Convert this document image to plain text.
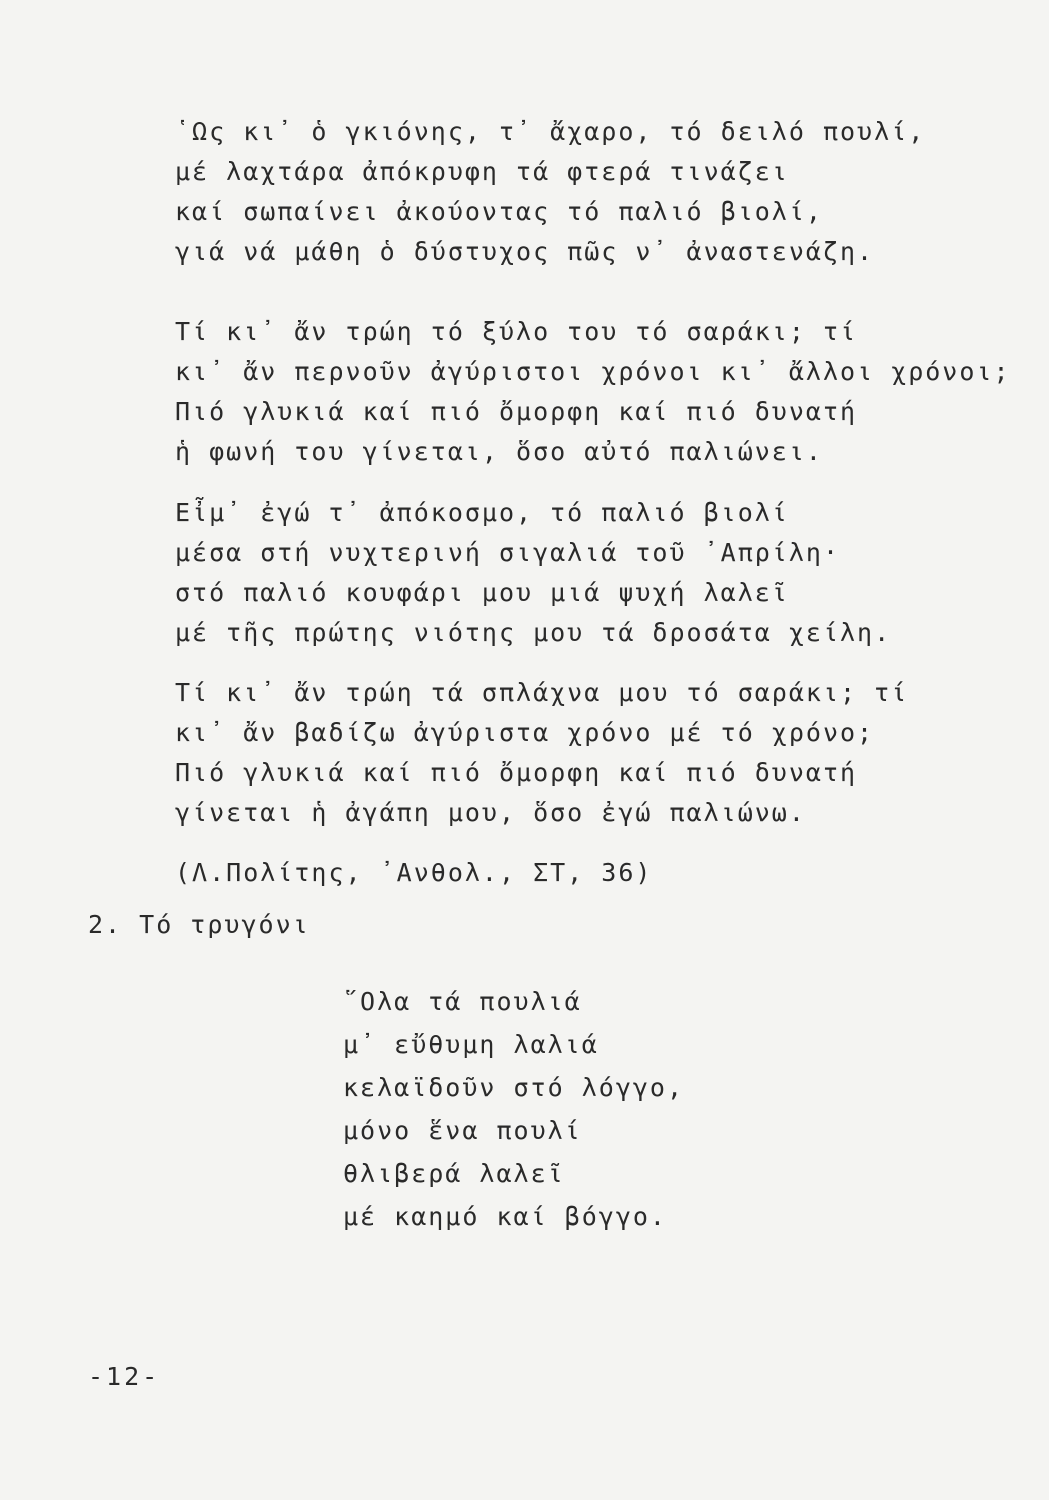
῾Ως κι᾿ ὁ γκιόνης, τ᾿ ἄχαρο, τό δειλό πουλί,
μέ λαχτάρα ἀπόκρυφη τά φτερά τινάζει
καί σωπαίνει ἀκούοντας τό παλιό βιολί,
γιά νά μάθη ὁ δύστυχος πῶς ν᾿ ἀναστενάζη.
Τί κι᾿ ἄν τρώη τό ξύλο του τό σαράκι; τί
κι᾿ ἄν περνοῦν ἀγύριστοι χρόνοι κι᾿ ἄλλοι χρόνοι;
Πιό γλυκιά καί πιό ὄμορφη καί πιό δυνατή
ἡ φωνή του γίνεται, ὅσο αὐτό παλιώνει.
Εἶμ᾿ ἐγώ τ᾿ ἀπόκοσμο, τό παλιό βιολί
μέσα στή νυχτερινή σιγαλιά τοῦ ᾿Απρίλη·
στό παλιό κουφάρι μου μιά ψυχή λαλεῖ
μέ τῆς πρώτης νιότης μου τά δροσάτα χείλη.
Τί κι᾿ ἄν τρώη τά σπλάχνα μου τό σαράκι; τί
κι᾿ ἄν βαδίζω ἀγύριστα χρόνο μέ τό χρόνο;
Πιό γλυκιά καί πιό ὄμορφη καί πιό δυνατή
γίνεται ἡ ἀγάπη μου, ὅσο ἐγώ παλιώνω.
(Λ.Πολίτης, ᾿Ανθολ., ΣΤ, 36)
2. Τό τρυγόνι
῞Ολα τά πουλιά
μ᾿ εὔθυμη λαλιά
κελαϊδοῦν στό λόγγο,
μόνο ἕνα πουλί
θλιβερά λαλεῖ
μέ καημό καί βόγγο.
-12-
